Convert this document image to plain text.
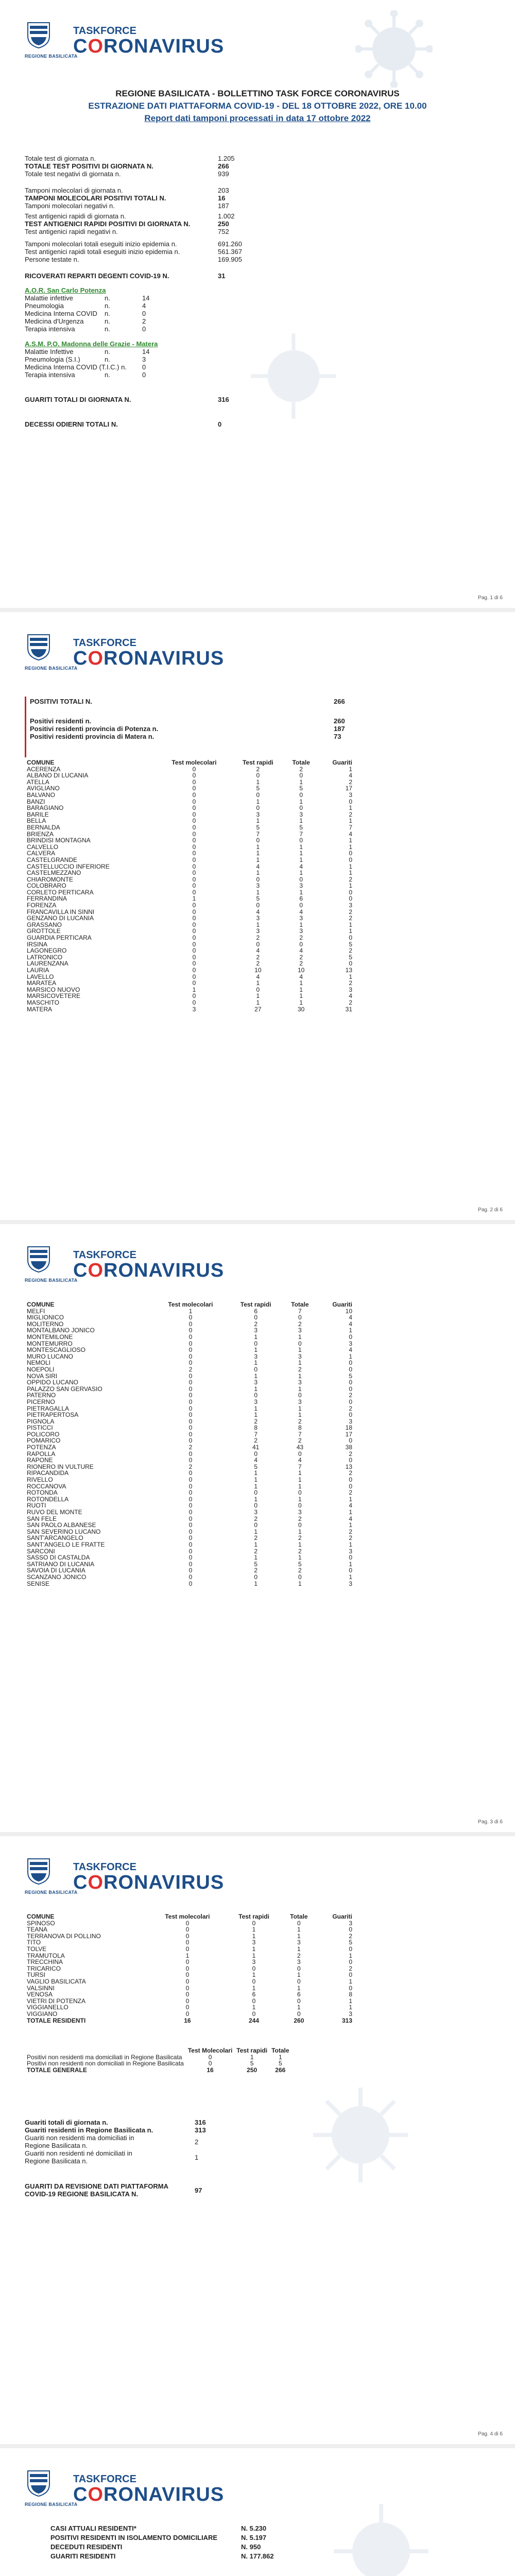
REGIONE BASILICATA
TASKFORCE
CORONAVIRUS
REGIONE BASILICATA - BOLLETTINO TASK FORCE CORONAVIRUS
ESTRAZIONE DATI PIATTAFORMA COVID-19 - DEL 18 OTTOBRE 2022, ORE 10.00
Report dati tamponi processati in data 17 ottobre 2022
Totale test di giornata n.	1.205
TOTALE TEST POSITIVI DI GIORNATA N.	266
Totale test negativi di giornata n.	939
Tamponi molecolari di giornata n.	203
TAMPONI MOLECOLARI POSITIVI TOTALI N.	16
Tamponi molecolari negativi n.	187
Test antigenici rapidi di giornata n.	1.002
TEST ANTIGENICI RAPIDI POSITIVI DI GIORNATA N.	250
Test antigenici rapidi negativi n.	752
Tamponi molecolari totali eseguiti inizio epidemia n.	691.260
Test antigenici rapidi totali eseguiti inizio epidemia n.	561.367
Persone testate n.	169.905
RICOVERATI REPARTI DEGENTI COVID-19 N.	31
A.O.R. San Carlo Potenza
Malattie infettive	n.	14
Pneumologia	n.	4
Medicina Interna COVID n.	0
Medicina d'Urgenza	n.	2
Terapia intensiva	n.	0
A.S.M. P.O. Madonna delle Grazie - Matera
Malattie Infettive	n.	14
Pneumologia (S.I.)	n.	3
Medicina Interna COVID (T.I.C.) n. 0
Terapia intensiva	n.	0
GUARITI TOTALI DI GIORNATA N.	316
DECESSI ODIERNI TOTALI N.	0
Pag. 1 di 6
REGIONE BASILICATA
TASKFORCE
CORONAVIRUS
POSITIVI TOTALI N.	266
Positivi residenti n.	260
Positivi residenti provincia di Potenza n.	187
Positivi residenti provincia di Matera n.	73
COMUNE	Test molecolari	Test rapidi	Totale	Guariti
ACERENZA	0	2	2	1
ALBANO DI LUCANIA	0	0	0	4
ATELLA	0	1	1	2
AVIGLIANO	0	5	5	17
BALVANO	0	0	0	3
BANZI	0	1	1	0
BARAGIANO	0	0	0	1
BARILE	0	3	3	2
BELLA	0	1	1	1
BERNALDA	0	5	5	7
BRIENZA	0	7	7	4
BRINDISI MONTAGNA	0	0	0	1
CALVELLO	0	1	1	1
CALVERA	0	1	1	0
CASTELGRANDE	0	1	1	0
CASTELLUCCIO INFERIORE	0	4	4	1
CASTELMEZZANO	0	1	1	1
CHIAROMONTE	0	0	0	2
COLOBRARO	0	3	3	1
CORLETO PERTICARA	0	1	1	0
FERRANDINA	1	5	6	0
FORENZA	0	0	0	3
FRANCAVILLA IN SINNI	0	4	4	2
GENZANO DI LUCANIA	0	3	3	2
GRASSANO	0	1	1	1
GROTTOLE	0	3	3	1
GUARDIA PERTICARA	0	2	2	0
IRSINA	0	0	0	5
LAGONEGRO	0	4	4	2
LATRONICO	0	2	2	5
LAURENZANA	0	2	2	0
LAURIA	0	10	10	13
LAVELLO	0	4	4	1
MARATEA	0	1	1	2
MARSICO NUOVO	1	0	1	3
MARSICOVETERE	0	1	1	4
MASCHITO	0	1	1	2
MATERA	3	27	30	31
Pag. 2 di 6
REGIONE BASILICATA
TASKFORCE
CORONAVIRUS
COMUNE	Test molecolari	Test rapidi	Totale	Guariti
MELFI	1	6	7	10
MIGLIONICO	0	0	0	4
MOLITERNO	0	2	2	4
MONTALBANO JONICO	0	3	3	1
MONTEMILONE	0	1	1	0
MONTEMURRO	0	0	0	3
MONTESCAGLIOSO	0	1	1	4
MURO LUCANO	0	3	3	1
NEMOLI	0	1	1	0
NOEPOLI	2	0	2	0
NOVA SIRI	0	1	1	5
OPPIDO LUCANO	0	3	3	0
PALAZZO SAN GERVASIO	0	1	1	0
PATERNO	0	0	0	2
PICERNO	0	3	3	0
PIETRAGALLA	0	1	1	2
PIETRAPERTOSA	0	1	1	0
PIGNOLA	0	2	2	3
PISTICCI	0	8	8	18
POLICORO	0	7	7	17
POMARICO	0	2	2	0
POTENZA	2	41	43	38
RAPOLLA	0	0	0	2
RAPONE	0	4	4	0
RIONERO IN VULTURE	2	5	7	13
RIPACANDIDA	0	1	1	2
RIVELLO	0	1	1	0
ROCCANOVA	0	1	1	0
ROTONDA	0	0	0	2
ROTONDELLA	0	1	1	1
RUOTI	0	0	0	4
RUVO DEL MONTE	0	3	3	1
SAN FELE	0	2	2	4
SAN PAOLO ALBANESE	0	0	0	1
SAN SEVERINO LUCANO	0	1	1	2
SANT'ARCANGELO	0	2	2	2
SANT'ANGELO LE FRATTE	0	1	1	1
SARCONI	0	2	2	3
SASSO DI CASTALDA	0	1	1	0
SATRIANO DI LUCANIA	0	5	5	1
SAVOIA DI LUCANIA	0	2	2	0
SCANZANO JONICO	0	0	0	1
SENISE	0	1	1	3
Pag. 3 di 6
REGIONE BASILICATA
TASKFORCE
CORONAVIRUS
COMUNE	Test molecolari	Test rapidi	Totale	Guariti
SPINOSO	0	0	0	3
TEANA	0	1	1	0
TERRANOVA DI POLLINO	0	1	1	2
TITO	0	3	3	5
TOLVE	0	1	1	0
TRAMUTOLA	1	1	2	1
TRECCHINA	0	3	3	0
TRICARICO	0	0	0	2
TURSI	0	1	1	0
VAGLIO BASILICATA	0	0	0	1
VALSINNI	0	1	1	0
VENOSA	0	6	6	8
VIETRI DI POTENZA	0	0	0	1
VIGGIANELLO	0	1	1	1
VIGGIANO	0	0	0	3
TOTALE RESIDENTI	16	244	260	313
	Test Molecolari	Test rapidi	Totale
Positivi non residenti ma domiciliati in Regione Basilicata	0	1	1
Positivi non residenti non domiciliati in Regione Basilicata	0	5	5
TOTALE GENERALE	16	250	266
Guariti totali di giornata n.	316
Guariti residenti in Regione Basilicata n.	313
Guariti non residenti ma domiciliati in Regione Basilicata n.	2
Guariti non residenti né domiciliati in Regione Basilicata n.	1
GUARITI DA REVISIONE DATI PIATTAFORMA COVID-19 REGIONE BASILICATA N.	97
Pag. 4 di 6
REGIONE BASILICATA
TASKFORCE
CORONAVIRUS
CASI ATTUALI RESIDENTI*	N. 5.230
POSITIVI RESIDENTI IN ISOLAMENTO DOMICILIARE	N. 5.197
DECEDUTI RESIDENTI	N. 950
GUARITI RESIDENTI	N. 177.862
